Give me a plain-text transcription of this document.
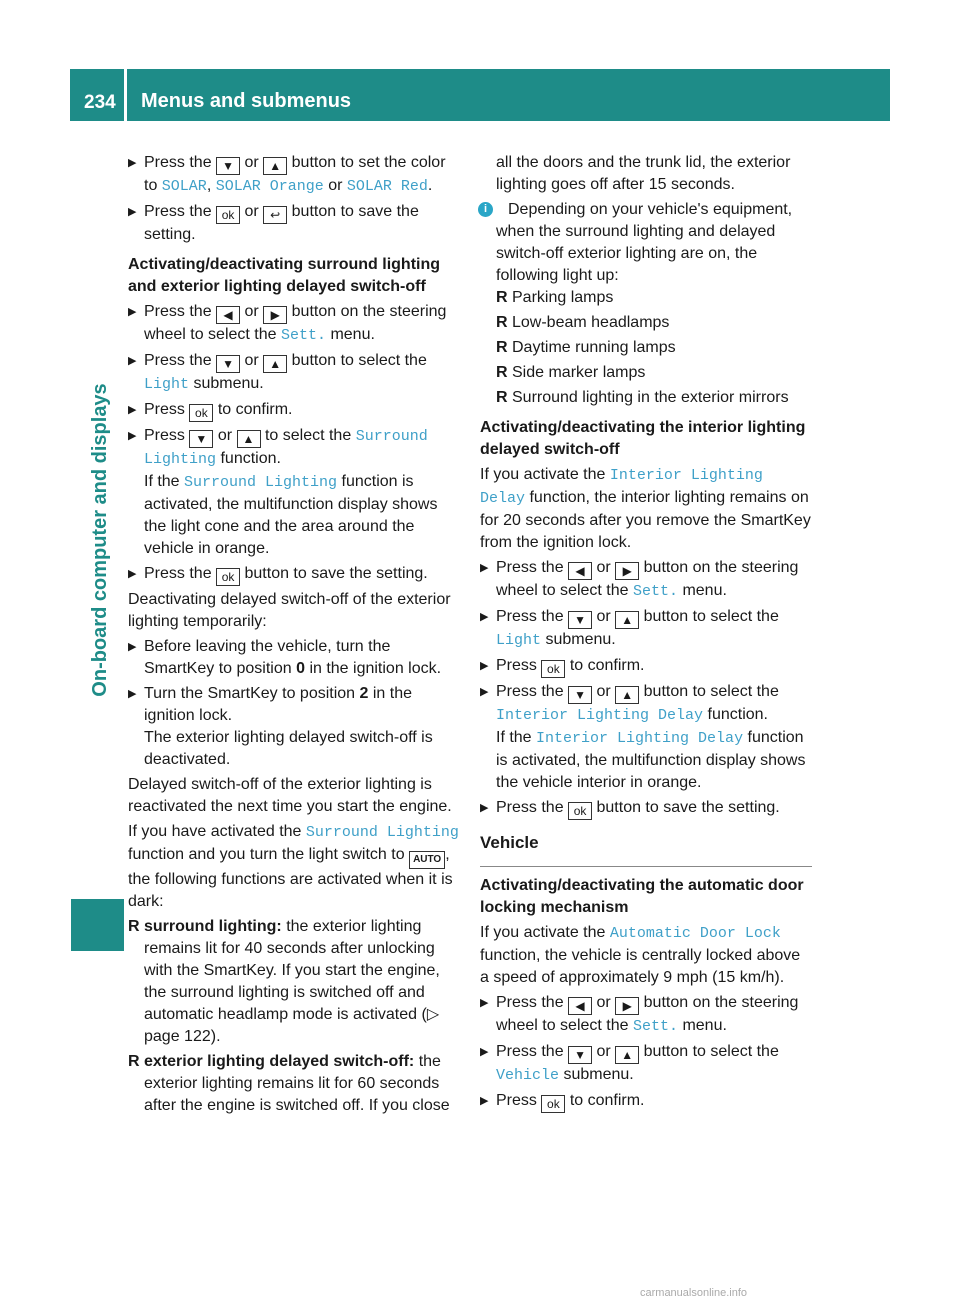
234 Menus and submenus
On-board computer and displays
▶ Press the ▼ or ▲ button to set the color to SOLAR, SOLAR Orange or SOLAR Red.
▶ Press the ok or ↩ button to save the setting.

Activating/deactivating surround lighting and exterior lighting delayed switch-off

▶ Press the ◀ or ▶ button on the steering wheel to select the Sett. menu.
▶ Press the ▼ or ▲ button to select the Light submenu.
▶ Press ok to confirm.
▶ Press ▼ or ▲ to select the Surround Lighting function.
If the Surround Lighting function is activated, the multifunction display shows the light cone and the area around the vehicle in orange.
▶ Press the ok button to save the setting.

Deactivating delayed switch-off of the exterior lighting temporarily:

▶ Before leaving the vehicle, turn the SmartKey to position 0 in the ignition lock.
▶ Turn the SmartKey to position 2 in the ignition lock.
The exterior lighting delayed switch-off is deactivated.

Delayed switch-off of the exterior lighting is reactivated the next time you start the engine.

If you have activated the Surround Lighting function and you turn the light switch to AUTO , the following functions are activated when it is dark:

R surround lighting: the exterior lighting remains lit for 40 seconds after unlocking with the SmartKey. If you start the engine, the surround lighting is switched off and automatic headlamp mode is activated (▷ page 122).
R exterior lighting delayed switch-off: the exterior lighting remains lit for 60 seconds after the engine is switched off. If you close

all the doors and the trunk lid, the exterior lighting goes off after 15 seconds.

i	Depending on your vehicle's equipment, when the surround lighting and delayed switch-off exterior lighting are on, the following light up:
R Parking lamps
R Low-beam headlamps
R Daytime running lamps
R Side marker lamps
R Surround lighting in the exterior mirrors

Activating/deactivating the interior lighting delayed switch-off

If you activate the Interior Lighting Delay function, the interior lighting remains on for 20 seconds after you remove the SmartKey from the ignition lock.

▶ Press the ◀ or ▶ button on the steering wheel to select the Sett. menu.
▶ Press the ▼ or ▲ button to select the Light submenu.
▶ Press ok to confirm.
▶ Press the ▼ or ▲ button to select the Interior Lighting Delay function.
If the Interior Lighting Delay function is activated, the multifunction display shows the vehicle interior in orange.
▶ Press the ok button to save the setting.

Vehicle

Activating/deactivating the automatic door locking mechanism

If you activate the Automatic Door Lock function, the vehicle is centrally locked above a speed of approximately 9 mph (15 km/h).

▶ Press the ◀ or ▶ button on the steering wheel to select the Sett. menu.
▶ Press the ▼ or ▲ button to select the Vehicle submenu.
▶ Press ok to confirm.
carmanualsonline.info
